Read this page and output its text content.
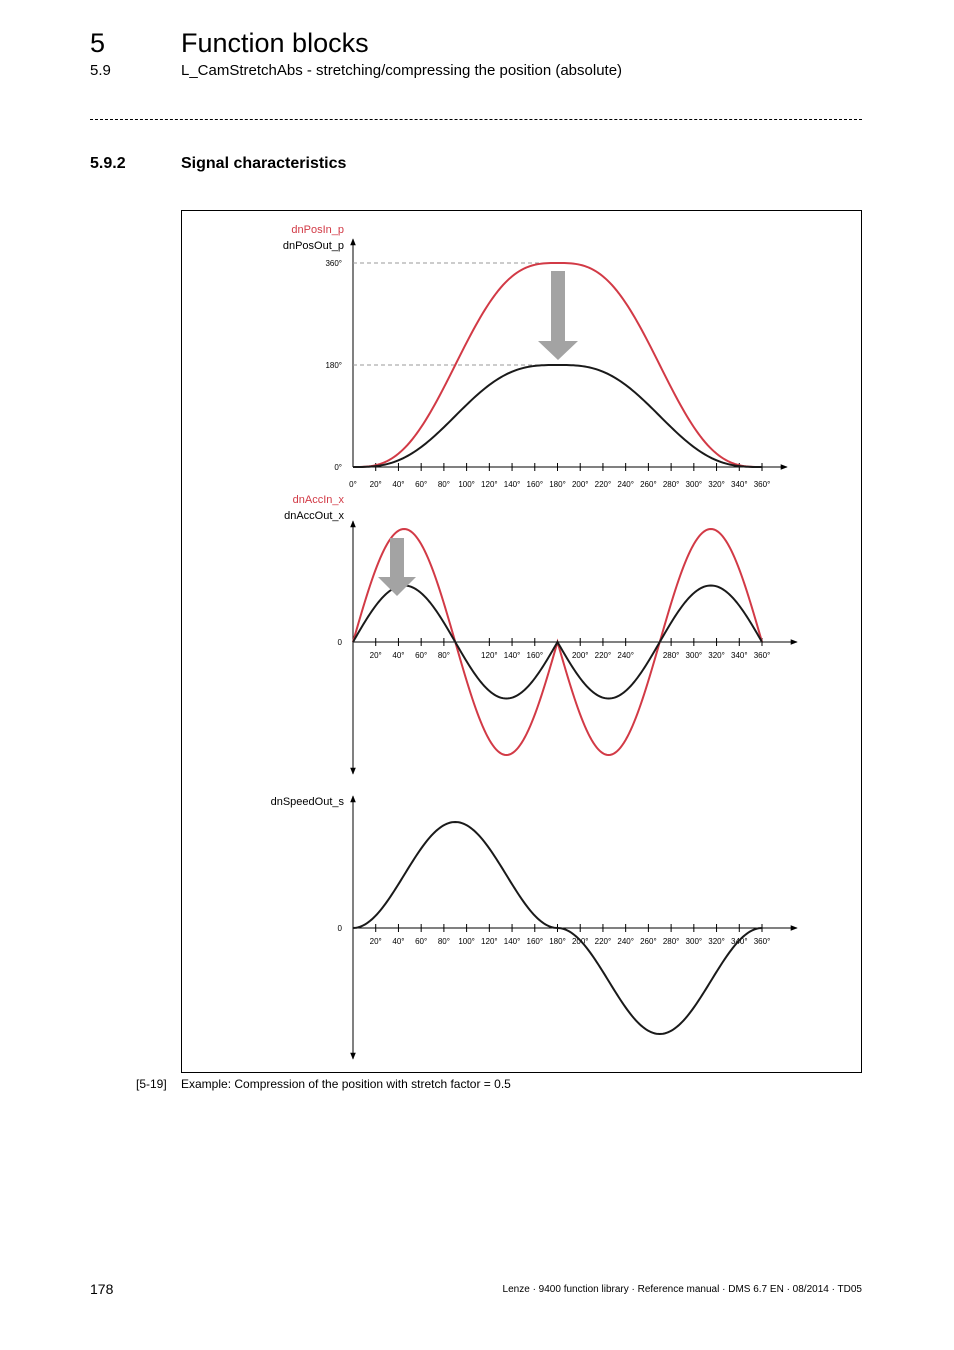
5	Function blocks
5.9	L_CamStretchAbs - stretching/compressing the position (absolute)
5.9.2	Signal characteristics
dnPosIn_p
dnPosOut_p
360°
180°
0°
0° 20° 40° 60° 80° 100° 120° 140° 160° 180° 200° 220° 240° 260° 280° 300° 320° 340° 360°
dnAccIn_x
dnAccOut_x
0
20° 40° 60° 80°	120° 140° 160°	200° 220° 240°	280° 300° 320° 340° 360°
dnSpeedOut_s
0
20° 40° 60° 80° 100° 120° 140° 160° 180° 200° 220° 240° 260° 280° 300° 320° 340° 360°
[5-19] Example: Compression of the position with stretch factor = 0.5
178	Lenze · 9400 function library · Reference manual · DMS 6.7 EN · 08/2014 · TD05
